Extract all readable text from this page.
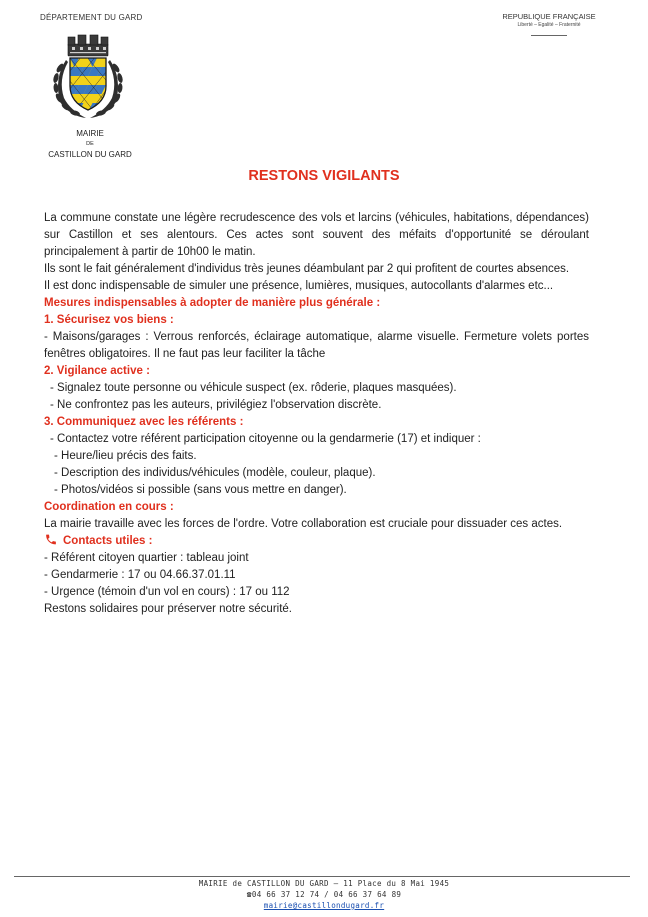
DÉPARTEMENT DU GARD	REPUBLIQUE FRANÇAISE
Liberté – Egalité – Fraternité
MAIRIE
DE
CASTILLON DU GARD
RESTONS VIGILANTS

La commune constate une légère recrudescence des vols et larcins (véhicules, habitations, dépendances) sur Castillon et ses alentours. Ces actes sont souvent des méfaits d'opportunité se déroulant principalement à partir de 10h00 le matin.

Ils sont le fait généralement d'individus très jeunes déambulant par 2 qui profitent de courtes absences.

Il est donc indispensable de simuler une présence, lumières, musiques, autocollants d'alarmes etc...

Mesures indispensables à adopter de manière plus générale :

1. Sécurisez vos biens :

- Maisons/garages : Verrous renforcés, éclairage automatique, alarme visuelle. Fermeture volets portes fenêtres obligatoires. Il ne faut pas leur faciliter la tâche

2. Vigilance active :

- Signalez toute personne ou véhicule suspect (ex. rôderie, plaques masquées).

- Ne confrontez pas les auteurs, privilégiez l'observation discrète.

3. Communiquez avec les référents :

- Contactez votre référent participation citoyenne ou la gendarmerie (17) et indiquer :

- Heure/lieu précis des faits.

- Description des individus/véhicules (modèle, couleur, plaque).

- Photos/vidéos si possible (sans vous mettre en danger).

Coordination en cours :

La mairie travaille avec les forces de l'ordre. Votre collaboration est cruciale pour dissuader ces actes.

Contacts utiles :

- Référent citoyen quartier : tableau joint

- Gendarmerie : 17 ou 04.66.37.01.11

- Urgence (témoin d'un vol en cours) : 17 ou 112

Restons solidaires pour préserver notre sécurité.

MAIRIE de CASTILLON DU GARD – 11 Place du 8 Mai 1945
☎04 66 37 12 74 / 04 66 37 64 89
mairie@castillondugard.fr
